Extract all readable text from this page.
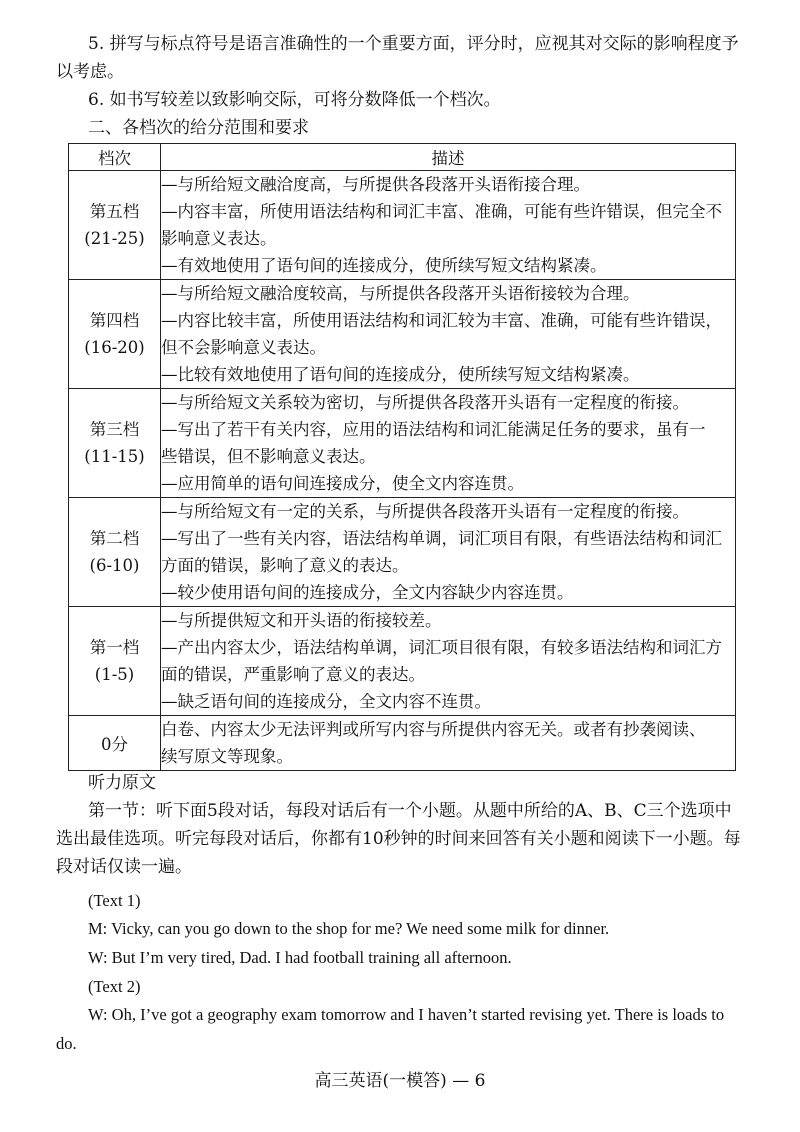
5. 拼写与标点符号是语言准确性的一个重要方面，评分时，应视其对交际的影响程度予以考虑。

6. 如书写较差以致影响交际，可将分数降低一个档次。

二、各档次的给分范围和要求

档次	描述

第五档
(21-25)	—与所给短文融洽度高，与所提供各段落开头语衔接合理。
—内容丰富，所使用语法结构和词汇丰富、准确，可能有些许错误，但完全不
影响意义表达。
—有效地使用了语句间的连接成分，使所续写短文结构紧凑。

第四档
(16-20)	—与所给短文融洽度较高，与所提供各段落开头语衔接较为合理。
—内容比较丰富，所使用语法结构和词汇较为丰富、准确，可能有些许错误，
但不会影响意义表达。
—比较有效地使用了语句间的连接成分，使所续写短文结构紧凑。

第三档
(11-15)	—与所给短文关系较为密切，与所提供各段落开头语有一定程度的衔接。
—写出了若干有关内容，应用的语法结构和词汇能满足任务的要求，虽有一
些错误，但不影响意义表达。
—应用简单的语句间连接成分，使全文内容连贯。

第二档
(6-10)	—与所给短文有一定的关系，与所提供各段落开头语有一定程度的衔接。
—写出了一些有关内容，语法结构单调，词汇项目有限，有些语法结构和词汇
方面的错误，影响了意义的表达。
—较少使用语句间的连接成分，全文内容缺少内容连贯。

第一档
(1-5)	—与所提供短文和开头语的衔接较差。
—产出内容太少，语法结构单调，词汇项目很有限，有较多语法结构和词汇方
面的错误，严重影响了意义的表达。
—缺乏语句间的连接成分，全文内容不连贯。

0分	白卷、内容太少无法评判或所写内容与所提供内容无关。或者有抄袭阅读、
续写原文等现象。

听力原文

第一节：听下面5段对话，每段对话后有一个小题。从题中所给的A、B、C三个选项中选出最佳选项。听完每段对话后，你都有10秒钟的时间来回答有关小题和阅读下一小题。每段对话仅读一遍。

(Text 1)

M: Vicky, can you go down to the shop for me? We need some milk for dinner.

W: But I’m very tired, Dad. I had football training all afternoon.

(Text 2)

W: Oh, I’ve got a geography exam tomorrow and I haven’t started revising yet. There is loads to

do.

高三英语(一模答) — 6
